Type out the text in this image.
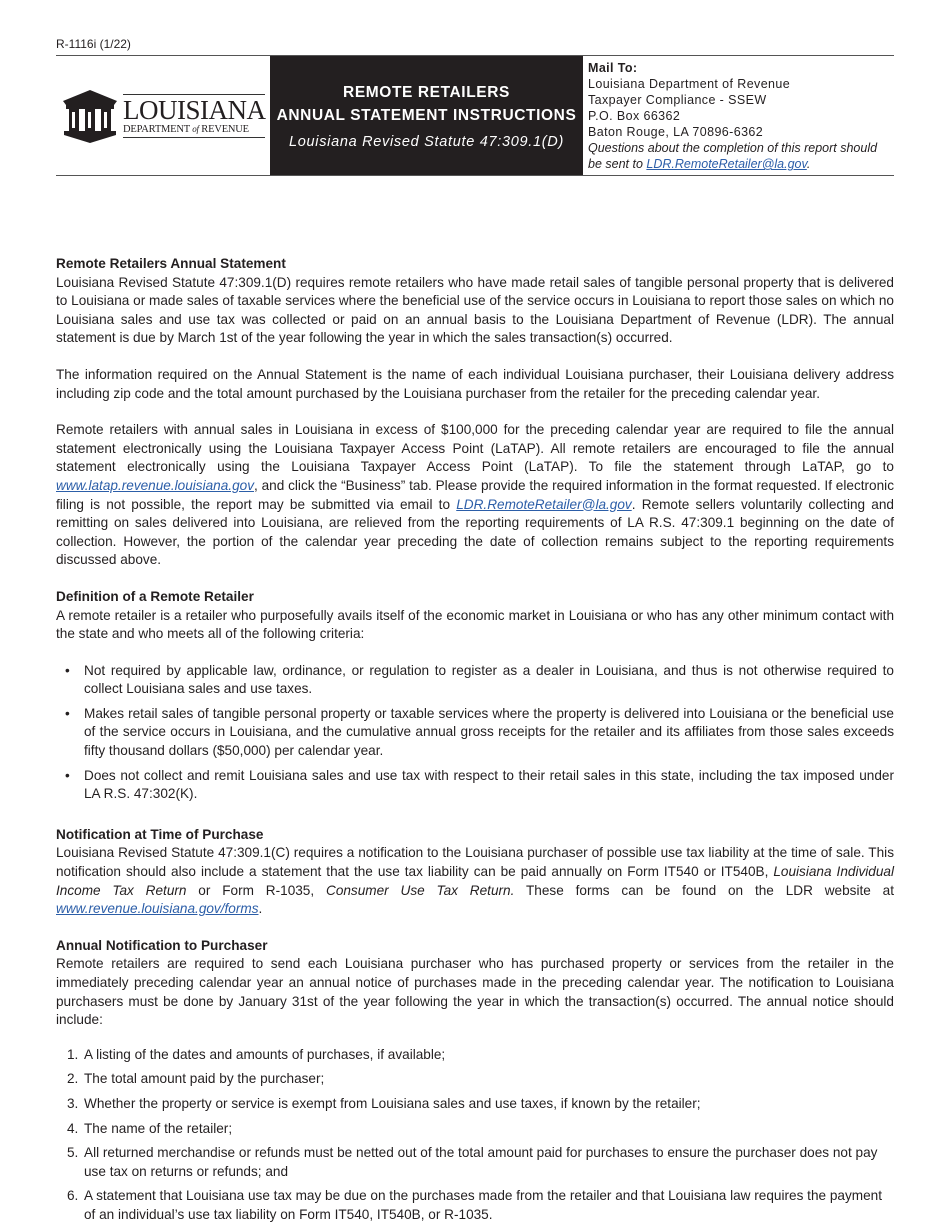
R-1116i (1/22)
LOUISIANA
DEPARTMENT of REVENUE
REMOTE RETAILERS
ANNUAL STATEMENT INSTRUCTIONS
Louisiana Revised Statute 47:309.1(D)
Mail To:
Louisiana Department of Revenue
Taxpayer Compliance - SSEW
P.O. Box 66362
Baton Rouge, LA 70896-6362
Questions about the completion of this report should
be sent to LDR.RemoteRetailer@la.gov.
Remote Retailers Annual Statement

Louisiana Revised Statute 47:309.1(D) requires remote retailers who have made retail sales of tangible personal property that is delivered to Louisiana or made sales of taxable services where the beneficial use of the service occurs in Louisiana to report those sales on which no Louisiana sales and use tax was collected or paid on an annual basis to the Louisiana Department of Revenue (LDR). The annual statement is due by March 1st of the year following the year in which the sales transaction(s) occurred.

The information required on the Annual Statement is the name of each individual Louisiana purchaser, their Louisiana delivery address including zip code and the total amount purchased by the Louisiana purchaser from the retailer for the preceding calendar year.

Remote retailers with annual sales in Louisiana in excess of $100,000 for the preceding calendar year are required to file the annual statement electronically using the Louisiana Taxpayer Access Point (LaTAP). All remote retailers are encouraged to file the annual statement electronically using the Louisiana Taxpayer Access Point (LaTAP). To file the statement through LaTAP, go to www.latap.revenue.louisiana.gov, and click the “Business” tab. Please provide the required information in the format requested. If electronic filing is not possible, the report may be submitted via email to LDR.RemoteRetailer@la.gov. Remote sellers voluntarily collecting and remitting on sales delivered into Louisiana, are relieved from the reporting requirements of LA R.S. 47:309.1 beginning on the date of collection. However, the portion of the calendar year preceding the date of collection remains subject to the reporting requirements discussed above.

Definition of a Remote Retailer

A remote retailer is a retailer who purposefully avails itself of the economic market in Louisiana or who has any other minimum contact with the state and who meets all of the following criteria:

• Not required by applicable law, ordinance, or regulation to register as a dealer in Louisiana, and thus is not otherwise required to collect Louisiana sales and use taxes.
• Makes retail sales of tangible personal property or taxable services where the property is delivered into Louisiana or the beneficial use of the service occurs in Louisiana, and the cumulative annual gross receipts for the retailer and its affiliates from those sales exceeds fifty thousand dollars ($50,000) per calendar year.
• Does not collect and remit Louisiana sales and use tax with respect to their retail sales in this state, including the tax imposed under LA R.S. 47:302(K).
Notification at Time of Purchase

Louisiana Revised Statute 47:309.1(C) requires a notification to the Louisiana purchaser of possible use tax liability at the time of sale. This notification should also include a statement that the use tax liability can be paid annually on Form IT540 or IT540B, Louisiana Individual Income Tax Return or Form R-1035, Consumer Use Tax Return. These forms can be found on the LDR website at www.revenue.louisiana.gov/forms.

Annual Notification to Purchaser

Remote retailers are required to send each Louisiana purchaser who has purchased property or services from the retailer in the immediately preceding calendar year an annual notice of purchases made in the preceding calendar year. The notification to Louisiana purchasers must be done by January 31st of the year following the year in which the transaction(s) occurred. The annual notice should include:

1. A listing of the dates and amounts of purchases, if available;
2. The total amount paid by the purchaser;
3. Whether the property or service is exempt from Louisiana sales and use taxes, if known by the retailer;
4. The name of the retailer;
5. All returned merchandise or refunds must be netted out of the total amount paid for purchases to ensure the purchaser does not pay use tax on returns or refunds; and
6. A statement that Louisiana use tax may be due on the purchases made from the retailer and that Louisiana law requires the payment of an individual’s use tax liability on Form IT540, IT540B, or R-1035.
